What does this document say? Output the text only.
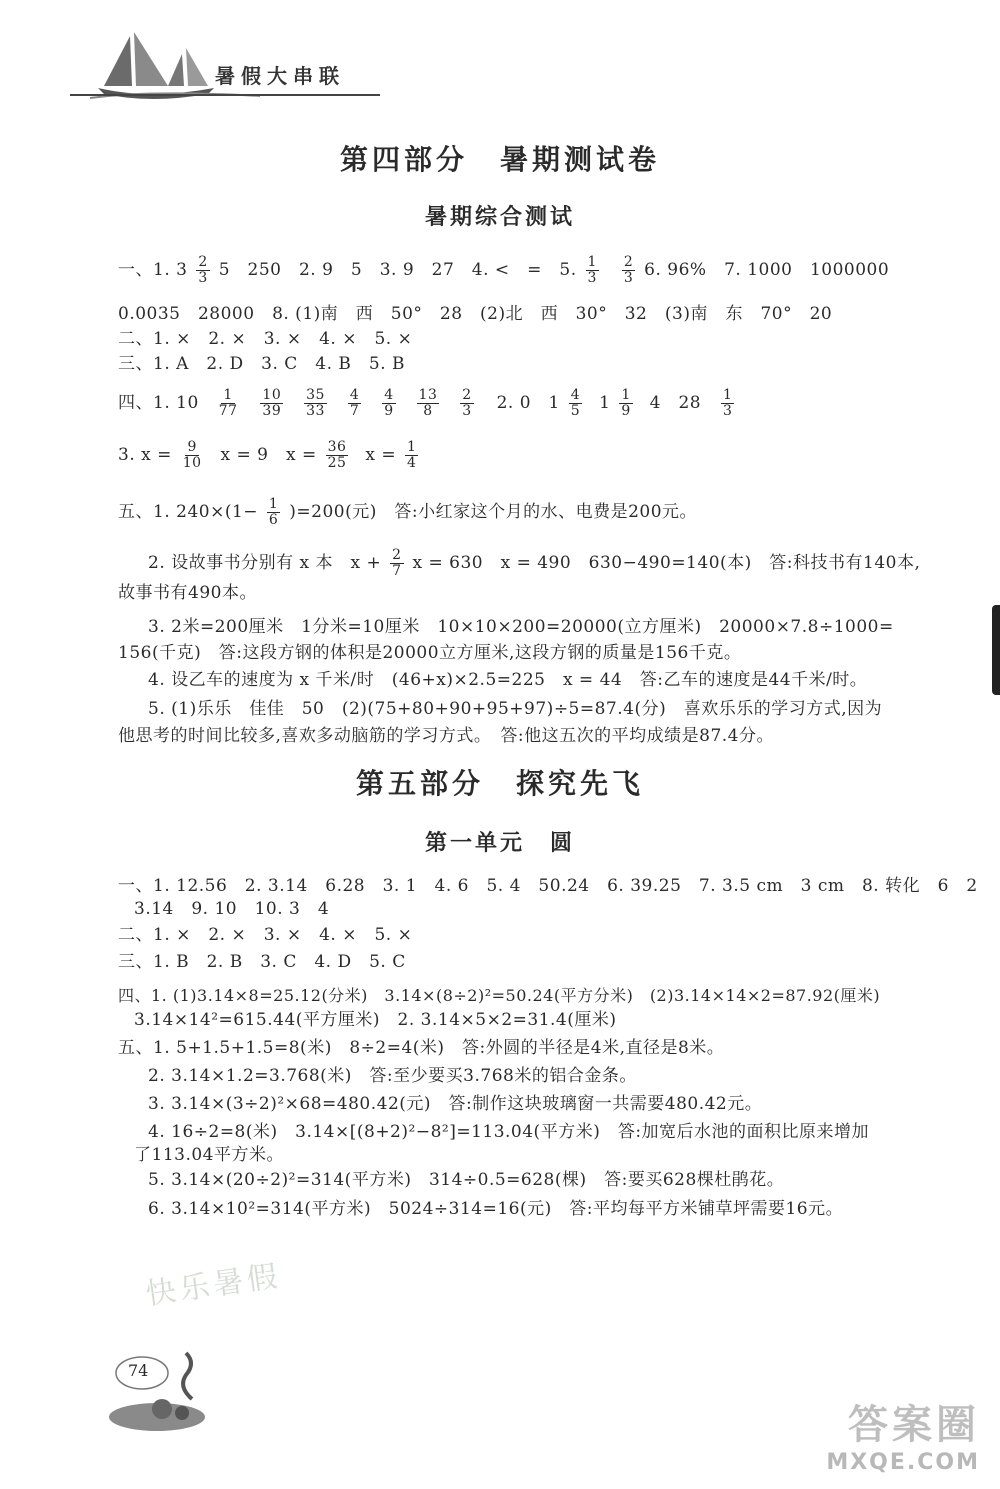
暑假大串联
第四部分　暑期测试卷
暑期综合测试
一、1. $3 \frac{2}{3} 5$　250　2. 9　5　3. 9　27　4. <　=　5. $\frac{1}{3}$
$\frac{2}{3} 6$. 96%　7. 1000　1000000
0.0035　28000　8. (1)南　西　50°　28　(2)北　西　30°　32　(3)南　东　70°　20
二、1. ×　2. ×　3. ×　4. ×　5. ×
三、1. A　2. D　3. C　4. B　5. B
四、1. $10 \frac{1}{77}$
$\frac{10}{39}$
$\frac{35}{33}$
$\frac{4}{7}$
$\frac{4}{9}$
$\frac{13}{8}$
$\frac{2}{3} 2$. 0　$1 \frac{4}{5} 1 \frac{1}{9} 4$　$28 \frac{1}{3}$
3. $x = \frac{9}{10}$ x = 9　$x = \frac{36}{25}$ $x = \frac{1}{4}$
五、1. $240\times(1- \frac{1}{6} )=200$(元)　答:小红家这个月的水、电费是200元。
2. 设故事书分别有 x 本　$x + \frac{2}{7}$ x = 630　x = 490　630−490=140(本)　答:科技书有140本,
故事书有490本。
3. 2米=200厘米　1分米=10厘米　10×10×200=20000(立方厘米)　20000×7.8÷1000=
156(千克)　答:这段方钢的体积是20000立方厘米,这段方钢的质量是156千克。
4. 设乙车的速度为 x 千米/时　(46+x)×2.5=225　x = 44　答:乙车的速度是44千米/时。
5. (1)乐乐　佳佳　50　(2)(75+80+90+95+97)÷5=87.4(分)　喜欢乐乐的学习方式,因为
他思考的时间比较多,喜欢多动脑筋的学习方式。　答:他这五次的平均成绩是87.4分。
第五部分　探究先飞
第一单元　圆
一、1. 12.56　2. 3.14　6.28　3. 1　4. 6　5. 4　50.24　6. 39.25　7. 3.5 cm　3 cm　8. 转化　6　2
3.14　9. 10　10. 3　4
二、1. ×　2. ×　3. ×　4. ×　5. ×
三、1. B　2. B　3. C　4. D　5. C
四、1. (1)3.14×8=25.12(分米)　3.14×(8÷2)²=50.24(平方分米)　(2)3.14×14×2=87.92(厘米)
3.14×14²=615.44(平方厘米)　2. 3.14×5×2=31.4(厘米)
五、1. 5+1.5+1.5=8(米)　8÷2=4(米)　答:外圆的半径是4米,直径是8米。
2. 3.14×1.2=3.768(米)　答:至少要买3.768米的铝合金条。
3. 3.14×(3÷2)²×68=480.42(元)　答:制作这块玻璃窗一共需要480.42元。
4. 16÷2=8(米)　3.14×[(8+2)²−8²]=113.04(平方米)　答:加宽后水池的面积比原来增加
了113.04平方米。
5. 3.14×(20÷2)²=314(平方米)　314÷0.5=628(棵)　答:要买628棵杜鹃花。
6. 3.14×10²=314(平方米)　5024÷314=16(元)　答:平均每平方米铺草坪需要16元。
快乐暑假
74
答案圈
MXQE.COM
